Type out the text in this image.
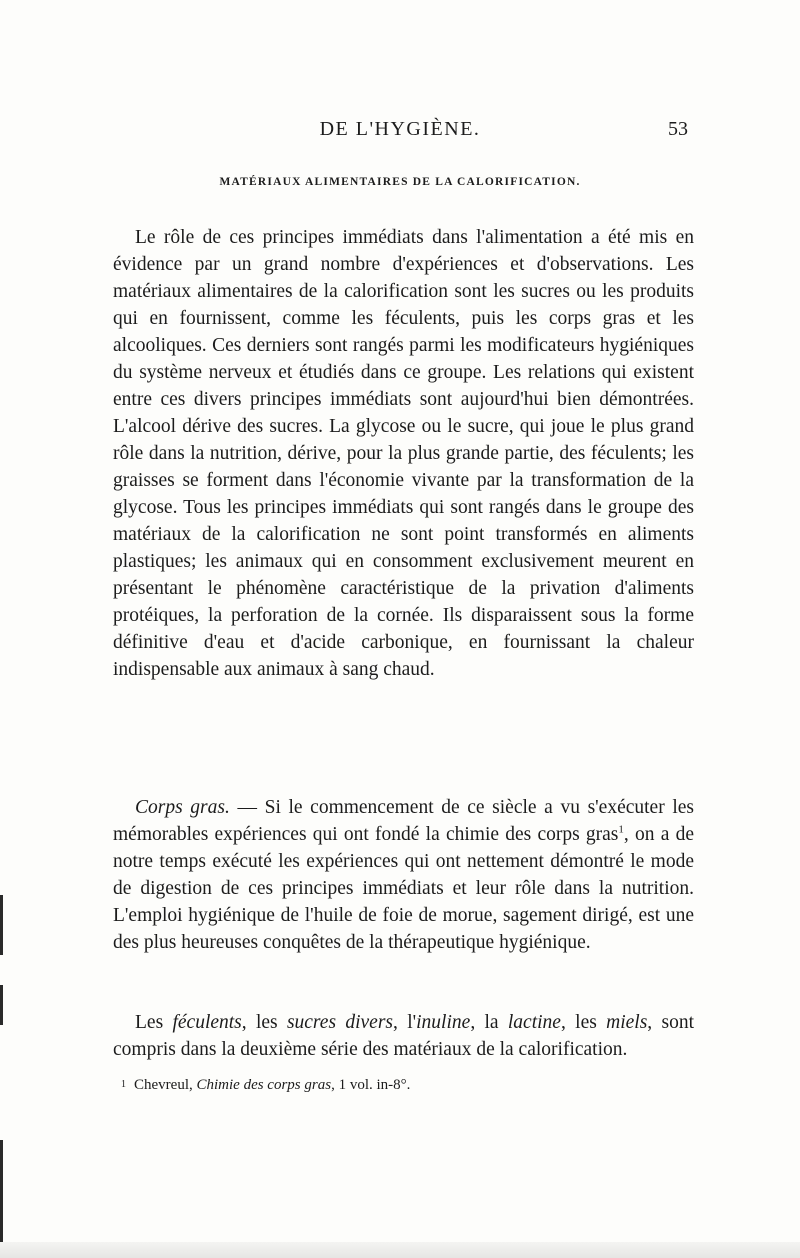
DE L'HYGIÈNE.	53
MATÉRIAUX ALIMENTAIRES DE LA CALORIFICATION.

Le rôle de ces principes immédiats dans l'alimentation a été mis en évidence par un grand nombre d'expériences et d'observations. Les matériaux alimentaires de la calorification sont les sucres ou les produits qui en fournissent, comme les féculents, puis les corps gras et les alcooliques. Ces derniers sont rangés parmi les modificateurs hygiéniques du système nerveux et étudiés dans ce groupe. Les relations qui existent entre ces divers principes immédiats sont aujourd'hui bien démontrées. L'alcool dérive des sucres. La glycose ou le sucre, qui joue le plus grand rôle dans la nutrition, dérive, pour la plus grande partie, des féculents; les graisses se forment dans l'économie vivante par la transformation de la glycose. Tous les principes immédiats qui sont rangés dans le groupe des matériaux de la calorification ne sont point transformés en aliments plastiques; les animaux qui en consomment exclusivement meurent en présentant le phénomène caractéristique de la privation d'aliments protéiques, la perforation de la cornée. Ils disparaissent sous la forme définitive d'eau et d'acide carbonique, en fournissant la chaleur indispensable aux animaux à sang chaud.

Corps gras. — Si le commencement de ce siècle a vu s'exécuter les mémorables expériences qui ont fondé la chimie des corps gras$^1$, on a de notre temps exécuté les expériences qui ont nettement démontré le mode de digestion de ces principes immédiats et leur rôle dans la nutrition. L'emploi hygiénique de l'huile de foie de morue, sagement dirigé, est une des plus heureuses conquêtes de la thérapeutique hygiénique.

Les féculents, les sucres divers, l'inuline, la lactine, les miels, sont compris dans la deuxième série des matériaux de la calorification.

$^1$ Chevreul, Chimie des corps gras, 1 vol. in-8°.
